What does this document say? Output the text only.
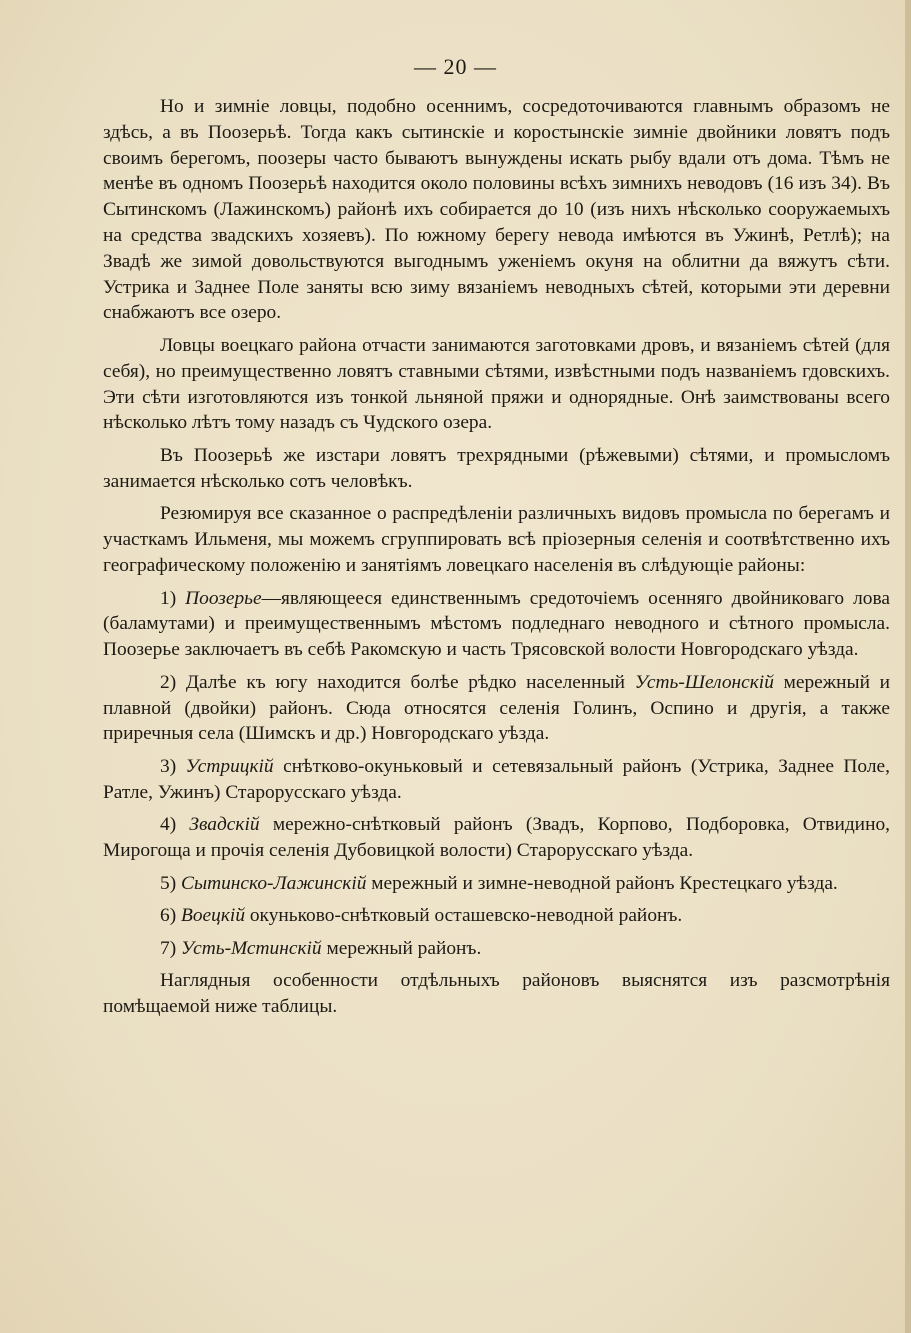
— 20 —

Но и зимніе ловцы, подобно осеннимъ, сосредоточиваются главнымъ образомъ не здѣсь, а въ Поозерьѣ. Тогда какъ сытинскіе и коростынскіе зимніе двойники ловятъ подъ своимъ берегомъ, поозеры часто бываютъ вынуждены искать рыбу вдали отъ дома. Тѣмъ не менѣе въ одномъ Поозерьѣ находится около половины всѣхъ зимнихъ неводовъ (16 изъ 34). Въ Сытинскомъ (Лажинскомъ) районѣ ихъ собирается до 10 (изъ нихъ нѣсколько сооружаемыхъ на средства звадскихъ хозяевъ). По южному берегу невода имѣются въ Ужинѣ, Ретлѣ); на Звадѣ же зимой довольствуются выгоднымъ уженіемъ окуня на облитни да вяжутъ сѣти. Устрика и Заднее Поле заняты всю зиму вязаніемъ неводныхъ сѣтей, которыми эти деревни снабжаютъ все озеро.

Ловцы воецкаго района отчасти занимаются заготовками дровъ, и вязаніемъ сѣтей (для себя), но преимущественно ловятъ ставными сѣтями, извѣстными подъ названіемъ гдовскихъ. Эти сѣти изготовляются изъ тонкой льняной пряжи и однорядные. Онѣ заимствованы всего нѣсколько лѣтъ тому назадъ съ Чудского озера.

Въ Поозерьѣ же изстари ловятъ трехрядными (рѣжевыми) сѣтями, и промысломъ занимается нѣсколько сотъ человѣкъ.

Резюмируя все сказанное о распредѣленіи различныхъ видовъ промысла по берегамъ и участкамъ Ильменя, мы можемъ сгруппировать всѣ пріозерныя селенія и соотвѣтственно ихъ географическому положенію и занятіямъ ловецкаго населенія въ слѣдующіе районы:

1) Поозерье—являющееся единственнымъ средоточіемъ осенняго двойниковаго лова (баламутами) и преимущественнымъ мѣстомъ подледнаго неводного и сѣтного промысла. Поозерье заключаетъ въ себѣ Ракомскую и часть Трясовской волости Новгородскаго уѣзда.

2) Далѣе къ югу находится болѣе рѣдко населенный Усть-Шелонскій мережный и плавной (двойки) районъ. Сюда относятся селенія Голинъ, Оспино и другія, а также приречныя села (Шимскъ и др.) Новгородскаго уѣзда.

3) Устрицкій снѣтково-окуньковый и сетевязальный районъ (Устрика, Заднее Поле, Ратле, Ужинъ) Старорусскаго уѣзда.

4) Звадскій мережно-снѣтковый районъ (Звадъ, Корпово, Подборовка, Отвидино, Мирогоща и прочія селенія Дубовицкой волости) Старорусскаго уѣзда.

5) Сытинско-Лажинскій мережный и зимне-неводной районъ Крестецкаго уѣзда.

6) Воецкій окуньково-снѣтковый осташевско-неводной районъ.

7) Усть-Мстинскій мережный районъ.

Наглядныя особенности отдѣльныхъ районовъ выяснятся изъ разсмотрѣнія помѣщаемой ниже таблицы.
